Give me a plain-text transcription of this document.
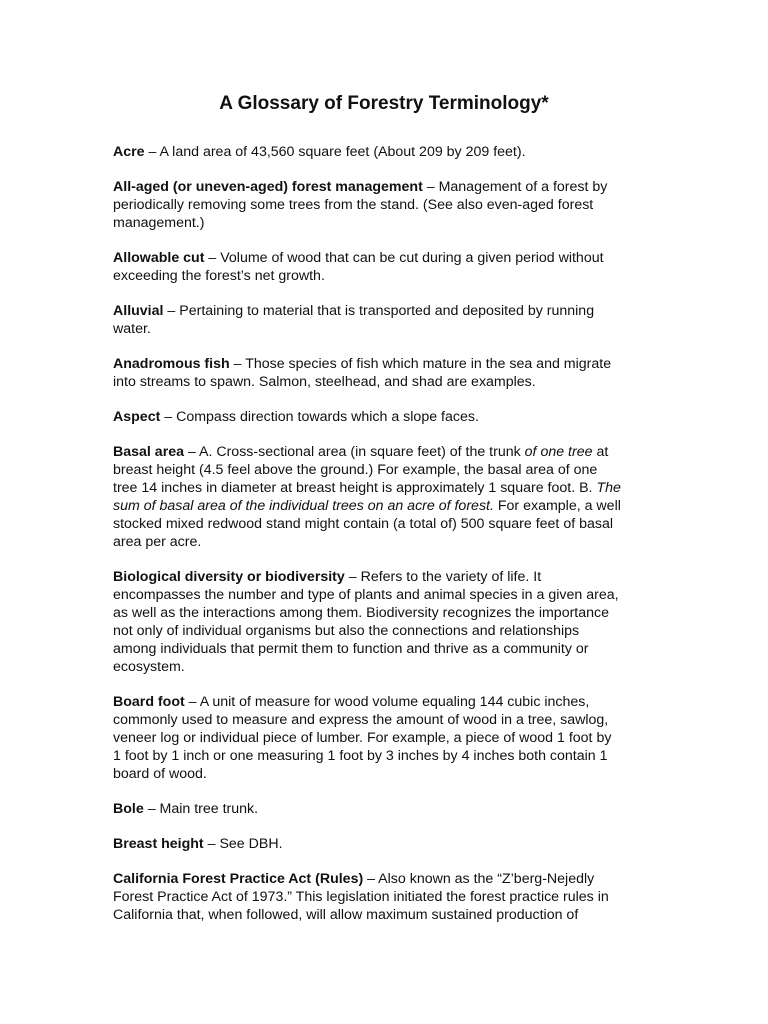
A Glossary of Forestry Terminology*
Acre – A land area of 43,560 square feet (About 209 by 209 feet).
All-aged (or uneven-aged) forest management – Management of a forest by
periodically removing some trees from the stand. (See also even-aged forest
management.)
Allowable cut – Volume of wood that can be cut during a given period without
exceeding the forest’s net growth.
Alluvial – Pertaining to material that is transported and deposited by running
water.
Anadromous fish – Those species of fish which mature in the sea and migrate
into streams to spawn. Salmon, steelhead, and shad are examples.
Aspect – Compass direction towards which a slope faces.
Basal area – A. Cross-sectional area (in square feet) of the trunk of one tree at
breast height (4.5 feel above the ground.) For example, the basal area of one
tree 14 inches in diameter at breast height is approximately 1 square foot. B. The
sum of basal area of the individual trees on an acre of forest. For example, a well
stocked mixed redwood stand might contain (a total of) 500 square feet of basal
area per acre.
Biological diversity or biodiversity – Refers to the variety of life. It
encompasses the number and type of plants and animal species in a given area,
as well as the interactions among them. Biodiversity recognizes the importance
not only of individual organisms but also the connections and relationships
among individuals that permit them to function and thrive as a community or
ecosystem.
Board foot – A unit of measure for wood volume equaling 144 cubic inches,
commonly used to measure and express the amount of wood in a tree, sawlog,
veneer log or individual piece of lumber. For example, a piece of wood 1 foot by
1 foot by 1 inch or one measuring 1 foot by 3 inches by 4 inches both contain 1
board of wood.
Bole – Main tree trunk.
Breast height – See DBH.
California Forest Practice Act (Rules) – Also known as the “Z’berg-Nejedly
Forest Practice Act of 1973.” This legislation initiated the forest practice rules in
California that, when followed, will allow maximum sustained production of
